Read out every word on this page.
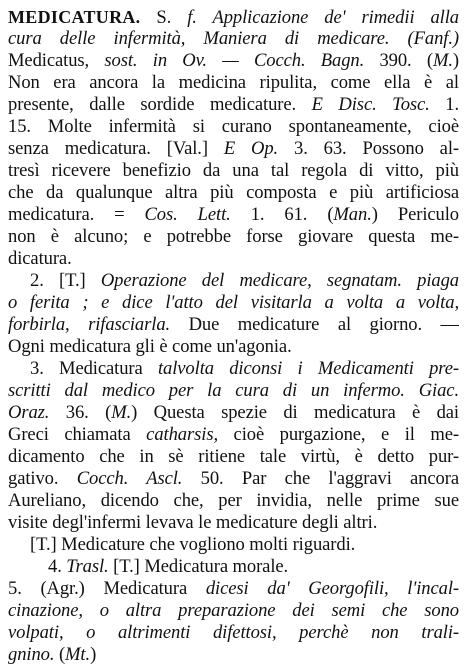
MEDICATURA. S. f. Applicazione de' rimedii alla
cura delle infermità, Maniera di medicare. (Fanf.)
Medicatus, sost. in Ov. — Cocch. Bagn. 390. (M.)
Non era ancora la medicina ripulita, come ella è al
presente, dalle sordide medicature. E Disc. Tosc. 1.
15. Molte infermità si curano spontaneamente, cioè
senza medicatura. [Val.] E Op. 3. 63. Possono al-
tresì ricevere benefizio da una tal regola di vitto, più
che da qualunque altra più composta e più artificiosa
medicatura. = Cos. Lett. 1. 61. (Man.) Periculo
non è alcuno; e potrebbe forse giovare questa me-
dicatura.
2. [T.] Operazione del medicare, segnatam. piaga
o ferita ; e dice l'atto del visitarla a volta a volta,
forbirla, rifasciarla. Due medicature al giorno. —
Ogni medicatura gli è come un'agonia.
3. Medicatura talvolta diconsi i Medicamenti pre-
scritti dal medico per la cura di un infermo. Giac.
Oraz. 36. (M.) Questa spezie di medicatura è dai
Greci chiamata catharsis, cioè purgazione, e il me-
dicamento che in sè ritiene tale virtù, è detto pur-
gativo. Cocch. Ascl. 50. Par che l'aggravi ancora
Aureliano, dicendo che, per invidia, nelle prime sue
visite degl'infermi levava le medicature degli altri.
[T.] Medicature che vogliono molti riguardi.
4. Trasl. [T.] Medicatura morale.
5. (Agr.) Medicatura dicesi da' Georgofili, l'incal-
cinazione, o altra preparazione dei semi che sono
volpati, o altrimenti difettosi, perchè non trali-
gnino. (Mt.)
